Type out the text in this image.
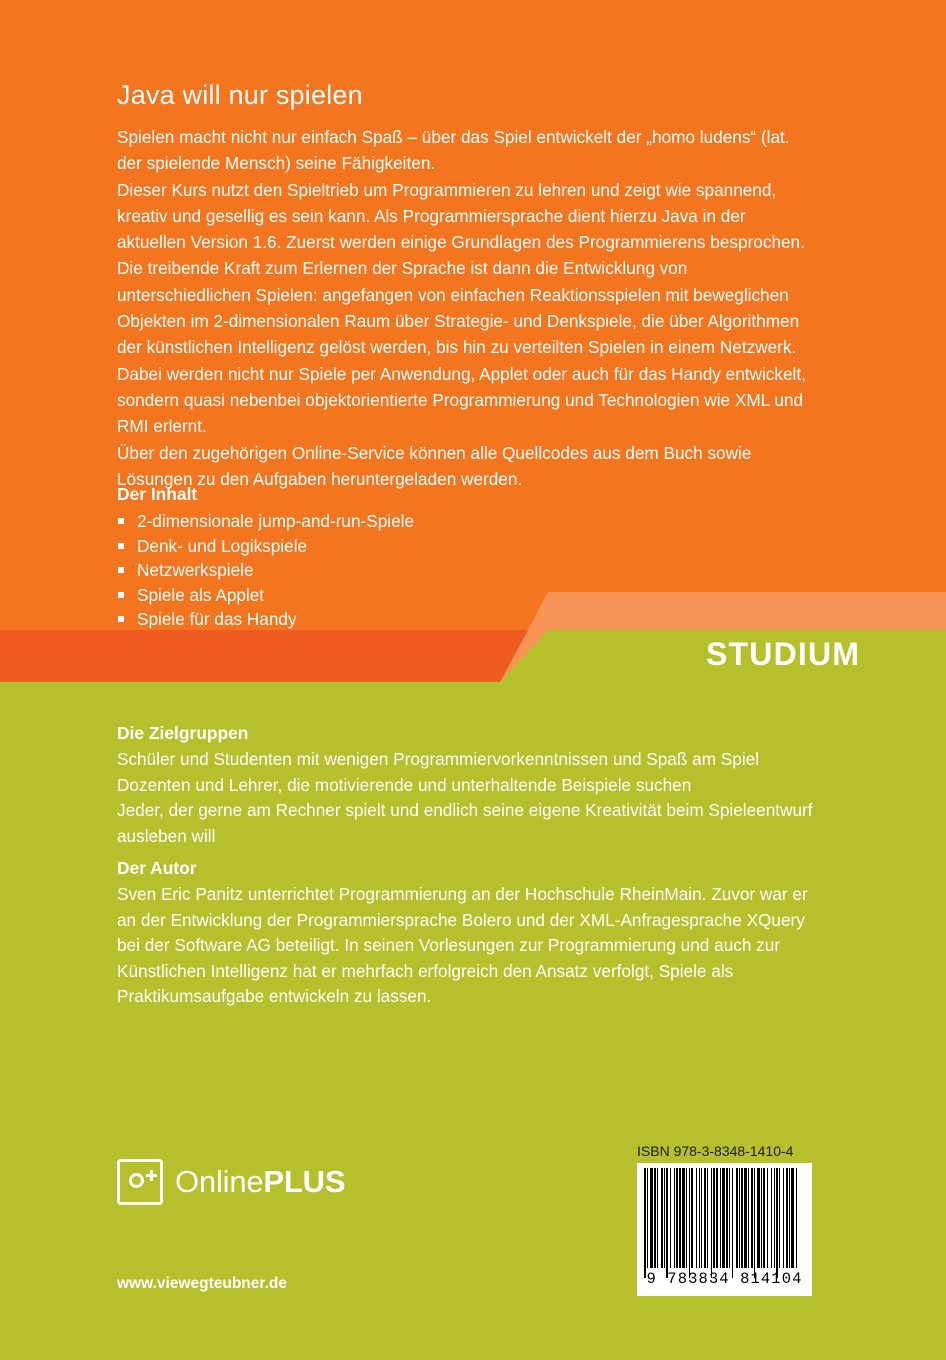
Java will nur spielen

Spielen macht nicht nur einfach Spaß – über das Spiel entwickelt der „homo ludens“ (lat. der spielende Mensch) seine Fähigkeiten.

Dieser Kurs nutzt den Spieltrieb um Programmieren zu lehren und zeigt wie spannend, kreativ und gesellig es sein kann. Als Programmiersprache dient hierzu Java in der aktuellen Version 1.6. Zuerst werden einige Grundlagen des Programmierens besprochen. Die treibende Kraft zum Erlernen der Sprache ist dann die Entwicklung von unterschiedlichen Spielen: angefangen von einfachen Reaktionsspielen mit beweglichen Objekten im 2-dimensionalen Raum über Strategie- und Denkspiele, die über Algorithmen der künstlichen Intelligenz gelöst werden, bis hin zu verteilten Spielen in einem Netzwerk. Dabei werden nicht nur Spiele per Anwendung, Applet oder auch für das Handy entwickelt, sondern quasi nebenbei objektorientierte Programmierung und Technologien wie XML und RMI erlernt.

Über den zugehörigen Online-Service können alle Quellcodes aus dem Buch sowie Lösungen zu den Aufgaben heruntergeladen werden.

Der Inhalt
2-dimensionale jump-and-run-Spiele
Denk- und Logikspiele
Netzwerkspiele
Spiele als Applet
Spiele für das Handy
STUDIUM
Die Zielgruppen

Schüler und Studenten mit wenigen Programmiervorkenntnissen und Spaß am Spiel

Dozenten und Lehrer, die motivierende und unterhaltende Beispiele suchen

Jeder, der gerne am Rechner spielt und endlich seine eigene Kreativität beim Spieleentwurf ausleben will

Der Autor

Sven Eric Panitz unterrichtet Programmierung an der Hochschule RheinMain. Zuvor war er an der Entwicklung der Programmiersprache Bolero und der XML-Anfragesprache XQuery bei der Software AG beteiligt. In seinen Vorlesungen zur Programmierung und auch zur Künstlichen Intelligenz hat er mehrfach erfolgreich den Ansatz verfolgt, Spiele als Praktikumsaufgabe entwickeln zu lassen.

OnlinePLUS
www.viewegteubner.de
ISBN 978-3-8348-1410-4
9 783834 814104
